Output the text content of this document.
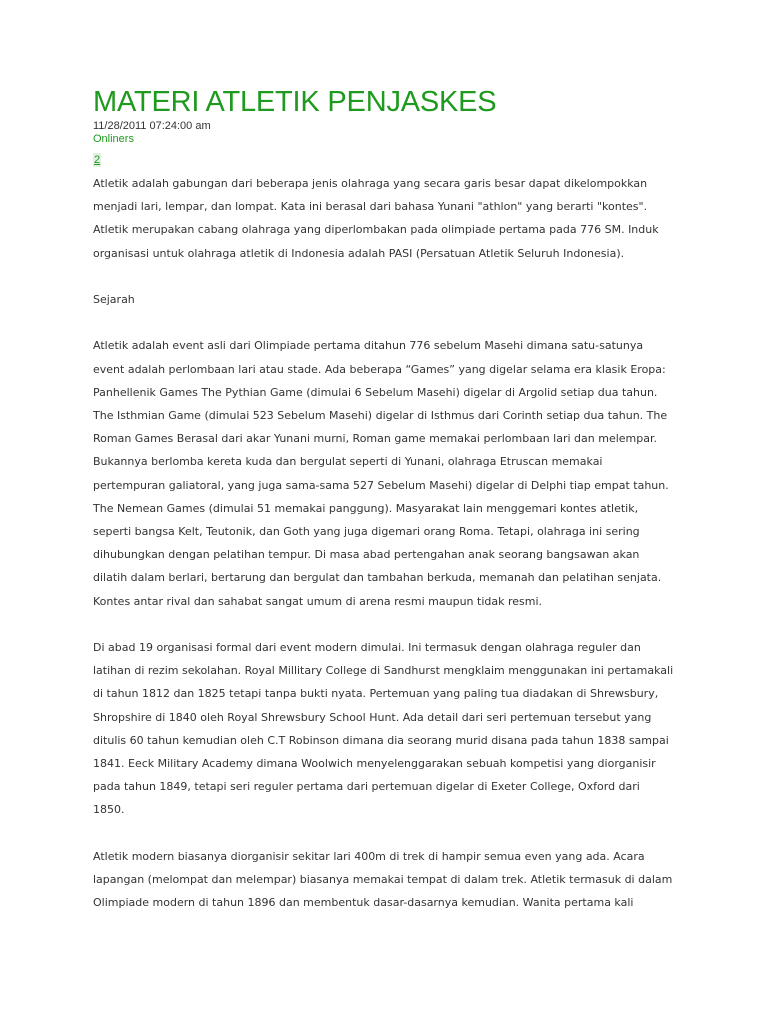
MATERI ATLETIK PENJASKES
11/28/2011 07:24:00 am
Onliners
2

Atletik adalah gabungan dari beberapa jenis olahraga yang secara garis besar dapat dikelompokkan
menjadi lari, lempar, dan lompat. Kata ini berasal dari bahasa Yunani "athlon" yang berarti "kontes".
Atletik merupakan cabang olahraga yang diperlombakan pada olimpiade pertama pada 776 SM. Induk
organisasi untuk olahraga atletik di Indonesia adalah PASI (Persatuan Atletik Seluruh Indonesia).

Sejarah

Atletik adalah event asli dari Olimpiade pertama ditahun 776 sebelum Masehi dimana satu-satunya
event adalah perlombaan lari atau stade. Ada beberapa “Games” yang digelar selama era klasik Eropa:
Panhellenik Games The Pythian Game (dimulai 6 Sebelum Masehi) digelar di Argolid setiap dua tahun.
The Isthmian Game (dimulai 523 Sebelum Masehi) digelar di Isthmus dari Corinth setiap dua tahun. The
Roman Games Berasal dari akar Yunani murni, Roman game memakai perlombaan lari dan melempar.
Bukannya berlomba kereta kuda dan bergulat seperti di Yunani, olahraga Etruscan memakai
pertempuran galiatoral, yang juga sama-sama 527 Sebelum Masehi) digelar di Delphi tiap empat tahun.
The Nemean Games (dimulai 51 memakai panggung). Masyarakat lain menggemari kontes atletik,
seperti bangsa Kelt, Teutonik, dan Goth yang juga digemari orang Roma. Tetapi, olahraga ini sering
dihubungkan dengan pelatihan tempur. Di masa abad pertengahan anak seorang bangsawan akan
dilatih dalam berlari, bertarung dan bergulat dan tambahan berkuda, memanah dan pelatihan senjata.
Kontes antar rival dan sahabat sangat umum di arena resmi maupun tidak resmi.

Di abad 19 organisasi formal dari event modern dimulai. Ini termasuk dengan olahraga reguler dan
latihan di rezim sekolahan. Royal Millitary College di Sandhurst mengklaim menggunakan ini pertamakali
di tahun 1812 dan 1825 tetapi tanpa bukti nyata. Pertemuan yang paling tua diadakan di Shrewsbury,
Shropshire di 1840 oleh Royal Shrewsbury School Hunt. Ada detail dari seri pertemuan tersebut yang
ditulis 60 tahun kemudian oleh C.T Robinson dimana dia seorang murid disana pada tahun 1838 sampai
1841. Eeck Military Academy dimana Woolwich menyelenggarakan sebuah kompetisi yang diorganisir
pada tahun 1849, tetapi seri reguler pertama dari pertemuan digelar di Exeter College, Oxford dari
1850.

Atletik modern biasanya diorganisir sekitar lari 400m di trek di hampir semua even yang ada. Acara
lapangan (melompat dan melempar) biasanya memakai tempat di dalam trek. Atletik termasuk di dalam
Olimpiade modern di tahun 1896 dan membentuk dasar-dasarnya kemudian. Wanita pertama kali
